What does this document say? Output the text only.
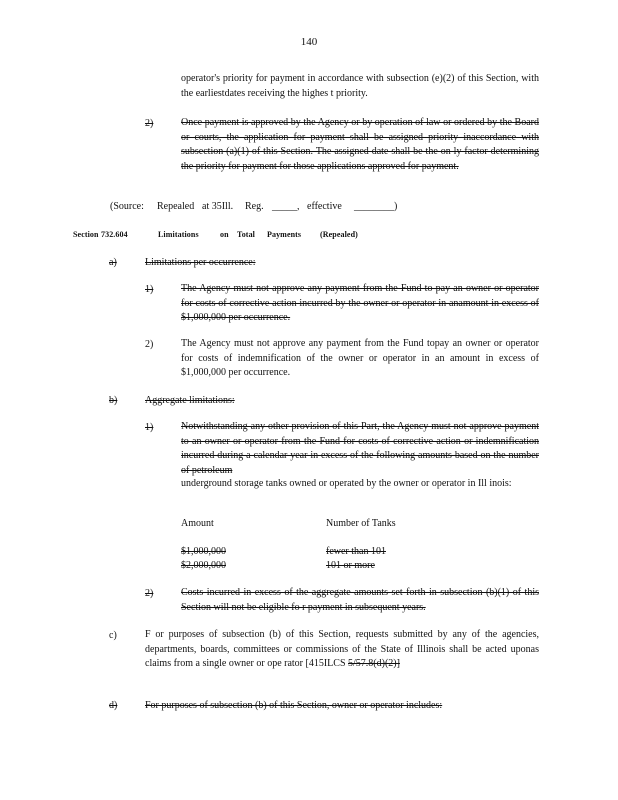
140
operator's priority for payment in accordance with subsection (e)(2) of this Section, with the earliestdates receiving the highes t priority.
2)	Once payment is approved by the Agency or by operation of law or ordered by the Board or courts, the application for payment shall be assigned priority inaccordance with subsection (a)(1) of this Section. The assigned date shall be the on ly factor determining the priority for payment for those applications approved for payment.
(Source: Repealed at 35Ill. Reg. _____, effective ________)
Section 732.604	Limitations	on Total Payments (Repealed)
a)	Limitations per occurrence:
1)	The Agency must not approve any payment from the Fund to pay an owner or operator for costs of corrective action incurred by the owner or operator in anamount in excess of $1,000,000 per occurrence.
2)	The Agency must not approve any payment from the Fund topay an owner or operator for costs of indemnification of the owner or operator in an amount in excess of $1,000,000 per occurrence.
b)	Aggregate limitations:
1)	Notwithstanding any other provision of this Part, the Agency must not approve payment to an owner or operator from the Fund for costs of corrective action or indemnification incurred during a calendar year in excess of the following amounts based on the number of petroleum
underground storage tanks owned or operated by the owner or operator in Ill inois:
Amount	Number of Tanks
$1,000,000	fewer than 101
$2,000,000	101 or more
2)	Costs incurred in excess of the aggregate amounts set forth in subsection (b)(1) of this Section will not be eligible fo r payment in subsequent years.
c)	F or purposes of subsection (b) of this Section, requests submitted by any of the agencies, departments, boards, committees or commissions of the State of Illinois shall be acted uponas claims from a single owner or ope rator [415ILCS 5/57.8(d)(2)]
d)	For purposes of subsection (b) of this Section, owner or operator includes:
